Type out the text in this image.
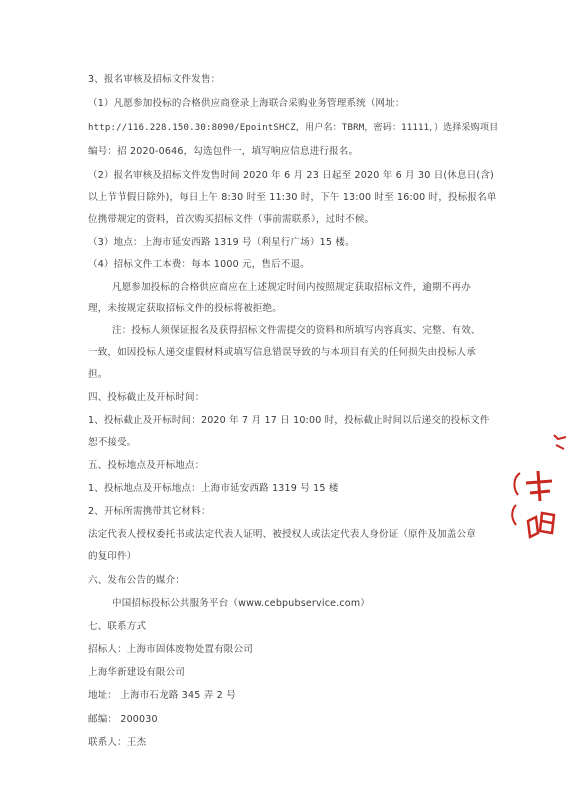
3、报名审核及招标文件发售：
（1）凡愿参加投标的合格供应商登录上海联合采购业务管理系统（网址：
http://116.228.150.30:8090/EpointSHCZ，用户名：TBRM，密码：11111，）选择采购项目
编号：招 2020-0646，勾选包件一，填写响应信息进行报名。
（2）报名审核及招标文件发售时间 2020 年 6 月 23 日起至 2020 年 6 月 30 日(休息日(含)
以上节节假日除外)，每日上午 8:30 时至 11:30 时，下午 13:00 时至 16:00 时，投标报名单
位携带规定的资料，首次购买招标文件（事前需联系），过时不候。
（3）地点：上海市延安西路 1319 号（利星行广场）15 楼。
（4）招标文件工本费：每本 1000 元，售后不退。
凡愿参加投标的合格供应商应在上述规定时间内按照规定获取招标文件，逾期不再办
理，未按规定获取招标文件的投标将被拒绝。
注：投标人须保证报名及获得招标文件需提交的资料和所填写内容真实、完整、有效、
一致，如因投标人递交虚假材料或填写信息错误导致的与本项目有关的任何损失由投标人承
担。
四、投标截止及开标时间：
1、投标截止及开标时间：2020 年 7 月 17 日 10:00 时，投标截止时间以后递交的投标文件
恕不接受。
五、投标地点及开标地点：
1、投标地点及开标地点：上海市延安西路 1319 号 15 楼
2、开标所需携带其它材料：
法定代表人授权委托书或法定代表人证明、被授权人或法定代表人身份证（原件及加盖公章
的复印件）
六、发布公告的媒介：
中国招标投标公共服务平台（www.cebpubservice.com）
七、联系方式
招标人：上海市固体废物处置有限公司
上海华新建设有限公司
地址： 上海市石龙路 345 弄 2 号
邮编： 200030
联系人：王杰
